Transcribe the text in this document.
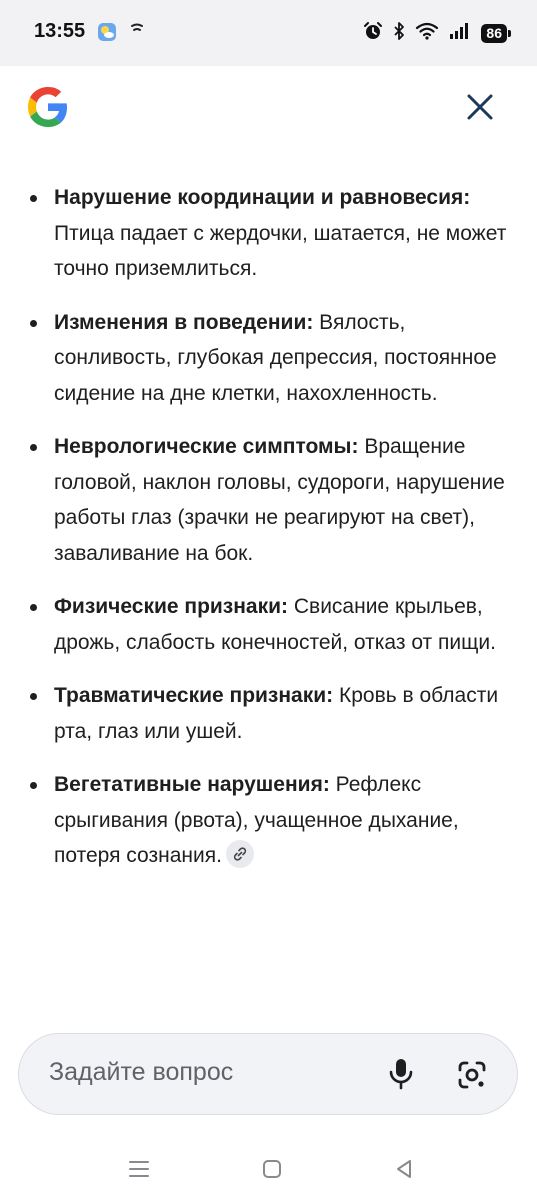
13:55	86
Нарушение координации и равновесия: Птица падает с жердочки, шатается, не может точно приземлиться.
Изменения в поведении: Вялость, сонливость, глубокая депрессия, постоянное сидение на дне клетки, нахохленность.
Неврологические симптомы: Вращение головой, наклон головы, судороги, нарушение работы глаз (зрачки не реагируют на свет), заваливание на бок.
Физические признаки: Свисание крыльев, дрожь, слабость конечностей, отказ от пищи.
Травматические признаки: Кровь в области рта, глаз или ушей.
Вегетативные нарушения: Рефлекс срыгивания (рвота), учащенное дыхание, потеря сознания.
Задайте вопрос
